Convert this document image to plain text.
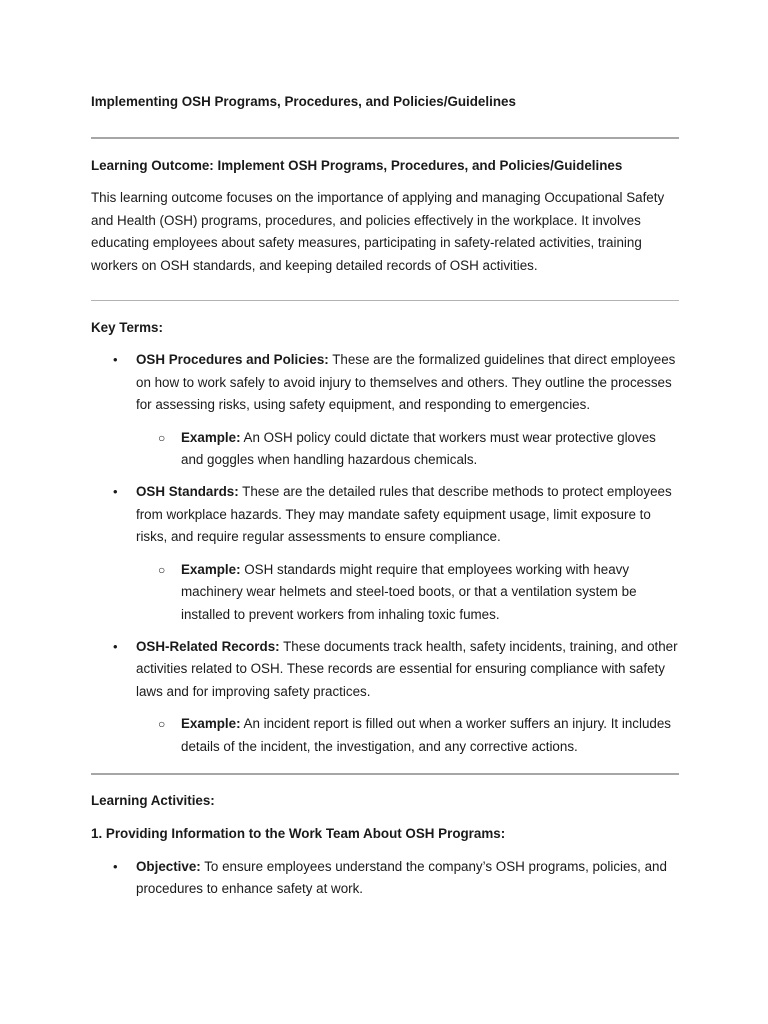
Implementing OSH Programs, Procedures, and Policies/Guidelines

Learning Outcome: Implement OSH Programs, Procedures, and Policies/Guidelines

This learning outcome focuses on the importance of applying and managing Occupational Safety and Health (OSH) programs, procedures, and policies effectively in the workplace. It involves educating employees about safety measures, participating in safety-related activities, training workers on OSH standards, and keeping detailed records of OSH activities.

Key Terms:

• OSH Procedures and Policies: These are the formalized guidelines that direct employees on how to work safely to avoid injury to themselves and others. They outline the processes for assessing risks, using safety equipment, and responding to emergencies.
○ Example: An OSH policy could dictate that workers must wear protective gloves and goggles when handling hazardous chemicals.
• OSH Standards: These are the detailed rules that describe methods to protect employees from workplace hazards. They may mandate safety equipment usage, limit exposure to risks, and require regular assessments to ensure compliance.
○ Example: OSH standards might require that employees working with heavy machinery wear helmets and steel-toed boots, or that a ventilation system be installed to prevent workers from inhaling toxic fumes.
• OSH-Related Records: These documents track health, safety incidents, training, and other activities related to OSH. These records are essential for ensuring compliance with safety laws and for improving safety practices.
○ Example: An incident report is filled out when a worker suffers an injury. It includes details of the incident, the investigation, and any corrective actions.

Learning Activities:

1. Providing Information to the Work Team About OSH Programs:

• Objective: To ensure employees understand the company’s OSH programs, policies, and procedures to enhance safety at work.
